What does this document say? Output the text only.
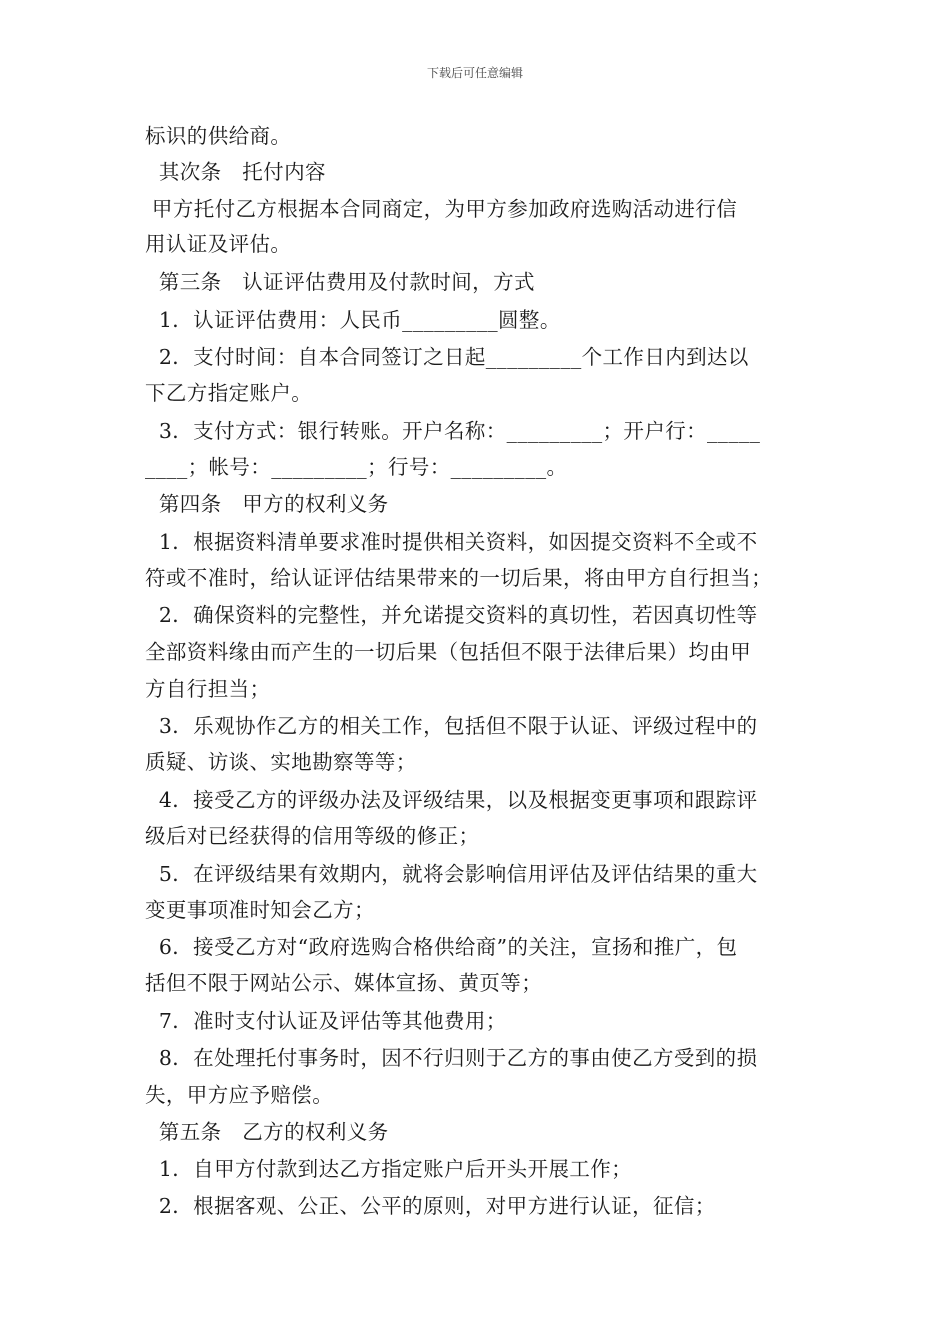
下载后可任意编辑
标识的供给商。
其次条   托付内容
甲方托付乙方根据本合同商定，为甲方参加政府选购活动进行信
用认证及评估。
第三条   认证评估费用及付款时间，方式
1．认证评估费用：人民币_________圆整。
2．支付时间：自本合同签订之日起_________个工作日内到达以
下乙方指定账户。
3．支付方式：银行转账。开户名称：_________；开户行：_____
____；帐号：_________；行号：_________。
第四条   甲方的权利义务
1．根据资料清单要求准时提供相关资料，如因提交资料不全或不
符或不准时，给认证评估结果带来的一切后果，将由甲方自行担当；
2．确保资料的完整性，并允诺提交资料的真切性，若因真切性等
全部资料缘由而产生的一切后果（包括但不限于法律后果）均由甲
方自行担当；
3．乐观协作乙方的相关工作，包括但不限于认证、评级过程中的
质疑、访谈、实地勘察等等；
4．接受乙方的评级办法及评级结果，以及根据变更事项和跟踪评
级后对已经获得的信用等级的修正；
5．在评级结果有效期内，就将会影响信用评估及评估结果的重大
变更事项准时知会乙方；
6．接受乙方对“政府选购合格供给商”的关注，宣扬和推广，包
括但不限于网站公示、媒体宣扬、黄页等；
7．准时支付认证及评估等其他费用；
8．在处理托付事务时，因不行归则于乙方的事由使乙方受到的损
失，甲方应予赔偿。
第五条   乙方的权利义务
1．自甲方付款到达乙方指定账户后开头开展工作；
2．根据客观、公正、公平的原则，对甲方进行认证，征信；
